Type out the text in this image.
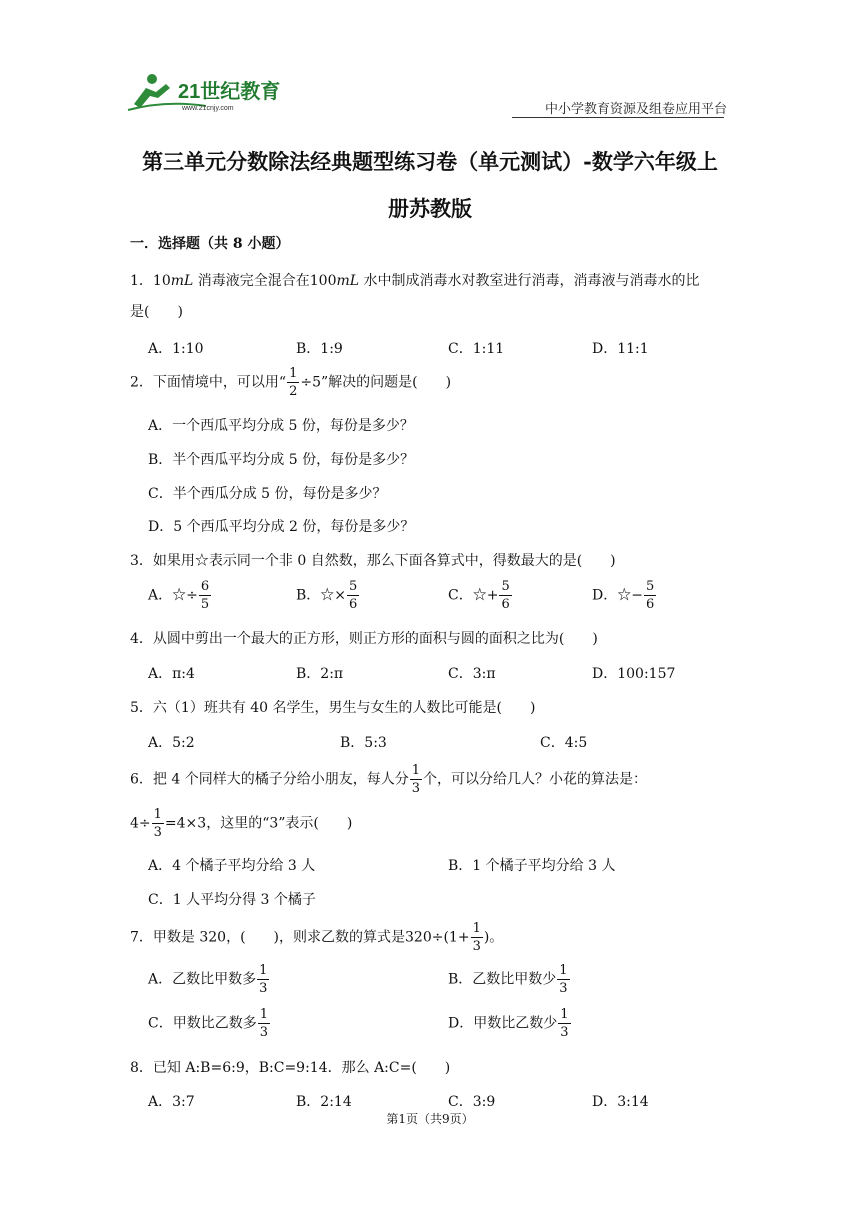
21世纪教育
www.21cnjy.com	中小学教育资源及组卷应用平台
第三单元分数除法经典题型练习卷（单元测试）-数学六年级上
册苏教版
一．选择题（共 8 小题）
1．10mL 消毒液完全混合在100mL 水中制成消毒水对教室进行消毒，消毒液与消毒水的比
是(　　)
A．1:10	B．1:9	C．1:11	D．11:1
2．下面情境中，可以用“ $\frac{1}{2} \div 5$”解决的问题是(　　)
A．一个西瓜平均分成 5 份，每份是多少？
B．半个西瓜平均分成 5 份，每份是多少？
C．半个西瓜分成 5 份，每份是多少？
D．5 个西瓜平均分成 2 份，每份是多少？
3．如果用☆表示同一个非 0 自然数，那么下面各算式中，得数最大的是(　　)
A．☆÷ $\frac{6}{5}$	B．☆× $\frac{5}{6}$	C．☆+ $\frac{5}{6}$	D．☆− $\frac{5}{6}$
4．从圆中剪出一个最大的正方形，则正方形的面积与圆的面积之比为(　　)
A．π:4	B．2:π	C．3:π	D．100:157
5．六（1）班共有 40 名学生，男生与女生的人数比可能是(　　)
A．5:2	B．5:3	C．4:5
6．把 4 个同样大的橘子分给小朋友，每人分 $\frac{1}{3}$ 个，可以分给几人？小花的算法是：
$4\div \frac{1}{3} =4\times 3$，这里的“3”表示(　　)
A．4 个橘子平均分给 3 人	B．1 个橘子平均分给 3 人
C．1 人平均分得 3 个橘子
7．甲数是 320，(　　)，则求乙数的算式是$320\div(1+ \frac{1}{3}$ )。
A．乙数比甲数多 $\frac{1}{3}$	B．乙数比甲数少 $\frac{1}{3}$
C．甲数比乙数多 $\frac{1}{3}$	D．甲数比乙数少 $\frac{1}{3}$
8．已知 A:B=6:9，B:C=9:14．那么 A:C=(　　)
A．3:7	B．2:14	C．3:9	D．3:14
第1页（共9页）
